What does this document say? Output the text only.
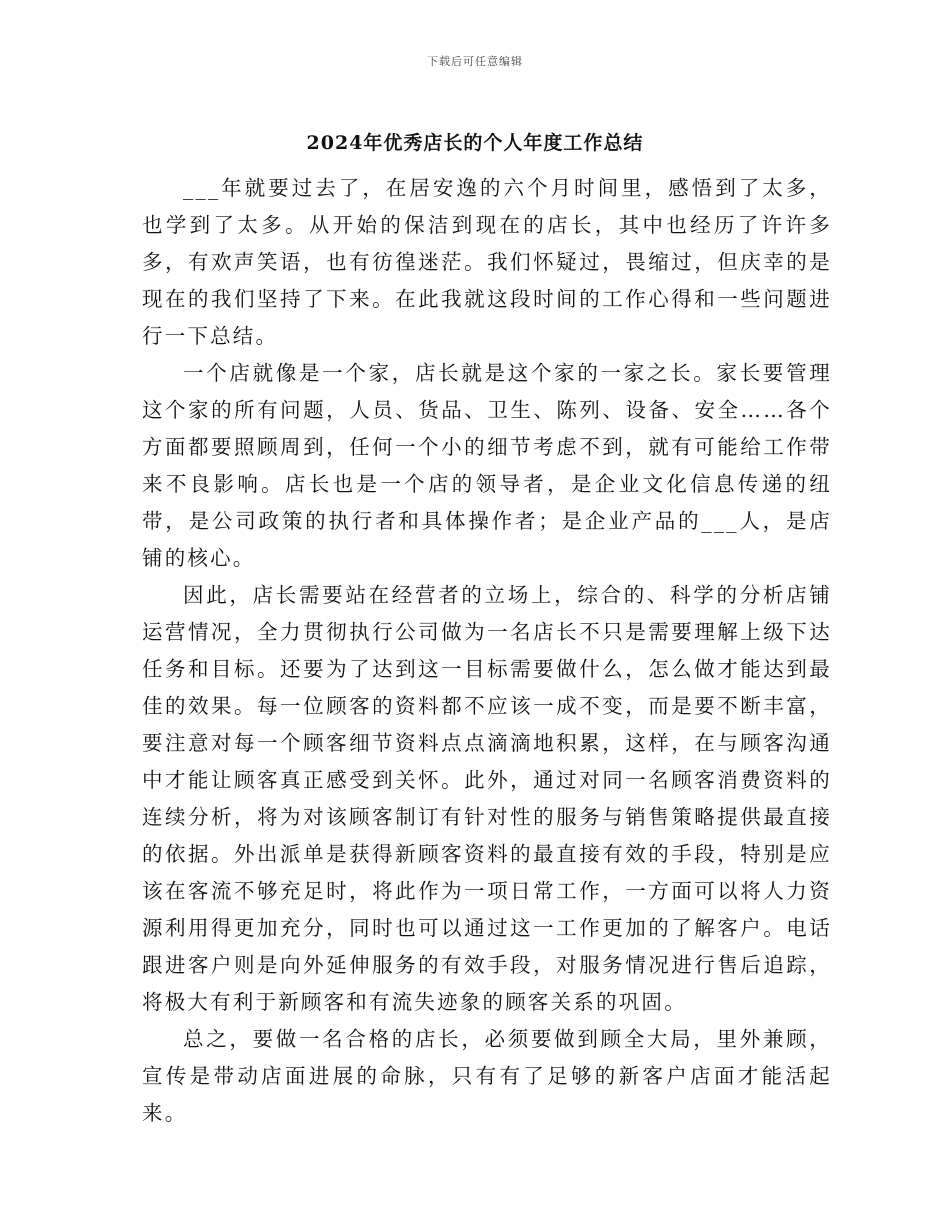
下载后可任意编辑
2024年优秀店长的个人年度工作总结

___年就要过去了，在居安逸的六个月时间里，感悟到了太多，也学到了太多。从开始的保洁到现在的店长，其中也经历了许许多多，有欢声笑语，也有彷徨迷茫。我们怀疑过，畏缩过，但庆幸的是现在的我们坚持了下来。在此我就这段时间的工作心得和一些问题进行一下总结。

一个店就像是一个家，店长就是这个家的一家之长。家长要管理这个家的所有问题，人员、货品、卫生、陈列、设备、安全……各个方面都要照顾周到，任何一个小的细节考虑不到，就有可能给工作带来不良影响。店长也是一个店的领导者，是企业文化信息传递的纽带，是公司政策的执行者和具体操作者；是企业产品的___人，是店铺的核心。

因此，店长需要站在经营者的立场上，综合的、科学的分析店铺运营情况，全力贯彻执行公司做为一名店长不只是需要理解上级下达任务和目标。还要为了达到这一目标需要做什么，怎么做才能达到最佳的效果。每一位顾客的资料都不应该一成不变，而是要不断丰富，要注意对每一个顾客细节资料点点滴滴地积累，这样，在与顾客沟通中才能让顾客真正感受到关怀。此外，通过对同一名顾客消费资料的连续分析，将为对该顾客制订有针对性的服务与销售策略提供最直接的依据。外出派单是获得新顾客资料的最直接有效的手段，特别是应该在客流不够充足时，将此作为一项日常工作，一方面可以将人力资源利用得更加充分，同时也可以通过这一工作更加的了解客户。电话跟进客户则是向外延伸服务的有效手段，对服务情况进行售后追踪，将极大有利于新顾客和有流失迹象的顾客关系的巩固。

总之，要做一名合格的店长，必须要做到顾全大局，里外兼顾，宣传是带动店面进展的命脉，只有有了足够的新客户店面才能活起来。
